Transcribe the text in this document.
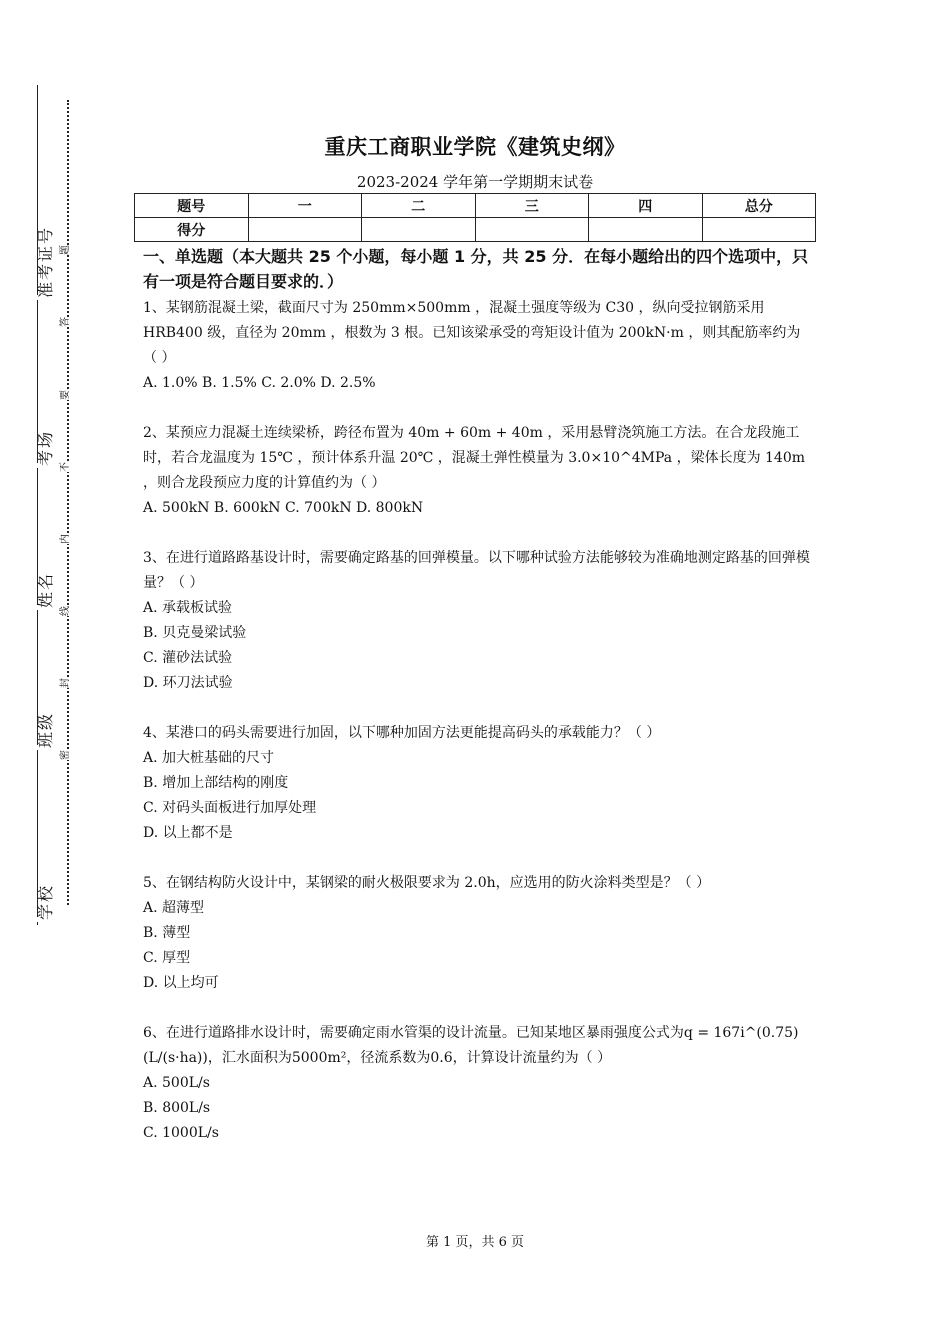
准考证号
考场
姓名
班级
学校
题
答
要
不
内
线
封
密
重庆工商职业学院《建筑史纲》
2023-2024 学年第一学期期末试卷
题号	一	二	三	四	总分
得分					
一、单选题（本大题共 25 个小题，每小题 1 分，共 25 分．在每小题给出的四个选项中，只有一项是符合题目要求的．）

1、某钢筋混凝土梁，截面尺寸为 250mm×500mm ，混凝土强度等级为 C30 ，纵向受拉钢筋采用 HRB400 级，直径为 20mm ，根数为 3 根。已知该梁承受的弯矩设计值为 200kN·m ，则其配筋率约为（ ）

A. 1.0% B. 1.5% C. 2.0% D. 2.5%

2、某预应力混凝土连续梁桥，跨径布置为 40m + 60m + 40m ，采用悬臂浇筑施工方法。在合龙段施工时，若合龙温度为 15℃ ，预计体系升温 20℃ ，混凝土弹性模量为 3.0×10^4MPa ，梁体长度为 140m ，则合龙段预应力度的计算值约为（ ）

A. 500kN B. 600kN C. 700kN D. 800kN

3、在进行道路路基设计时，需要确定路基的回弹模量。以下哪种试验方法能够较为准确地测定路基的回弹模量？（ ）

A. 承载板试验

B. 贝克曼梁试验

C. 灌砂法试验

D. 环刀法试验

4、某港口的码头需要进行加固，以下哪种加固方法更能提高码头的承载能力？（ ）

A. 加大桩基础的尺寸

B. 增加上部结构的刚度

C. 对码头面板进行加厚处理

D. 以上都不是

5、在钢结构防火设计中，某钢梁的耐火极限要求为 2.0h，应选用的防火涂料类型是？（ ）

A. 超薄型

B. 薄型

C. 厚型

D. 以上均可

6、在进行道路排水设计时，需要确定雨水管渠的设计流量。已知某地区暴雨强度公式为q = 167i^(0.75) (L/(s·ha))，汇水面积为5000m²，径流系数为0.6，计算设计流量约为（ ）

A. 500L/s

B. 800L/s

C. 1000L/s

第 1 页，共 6 页
